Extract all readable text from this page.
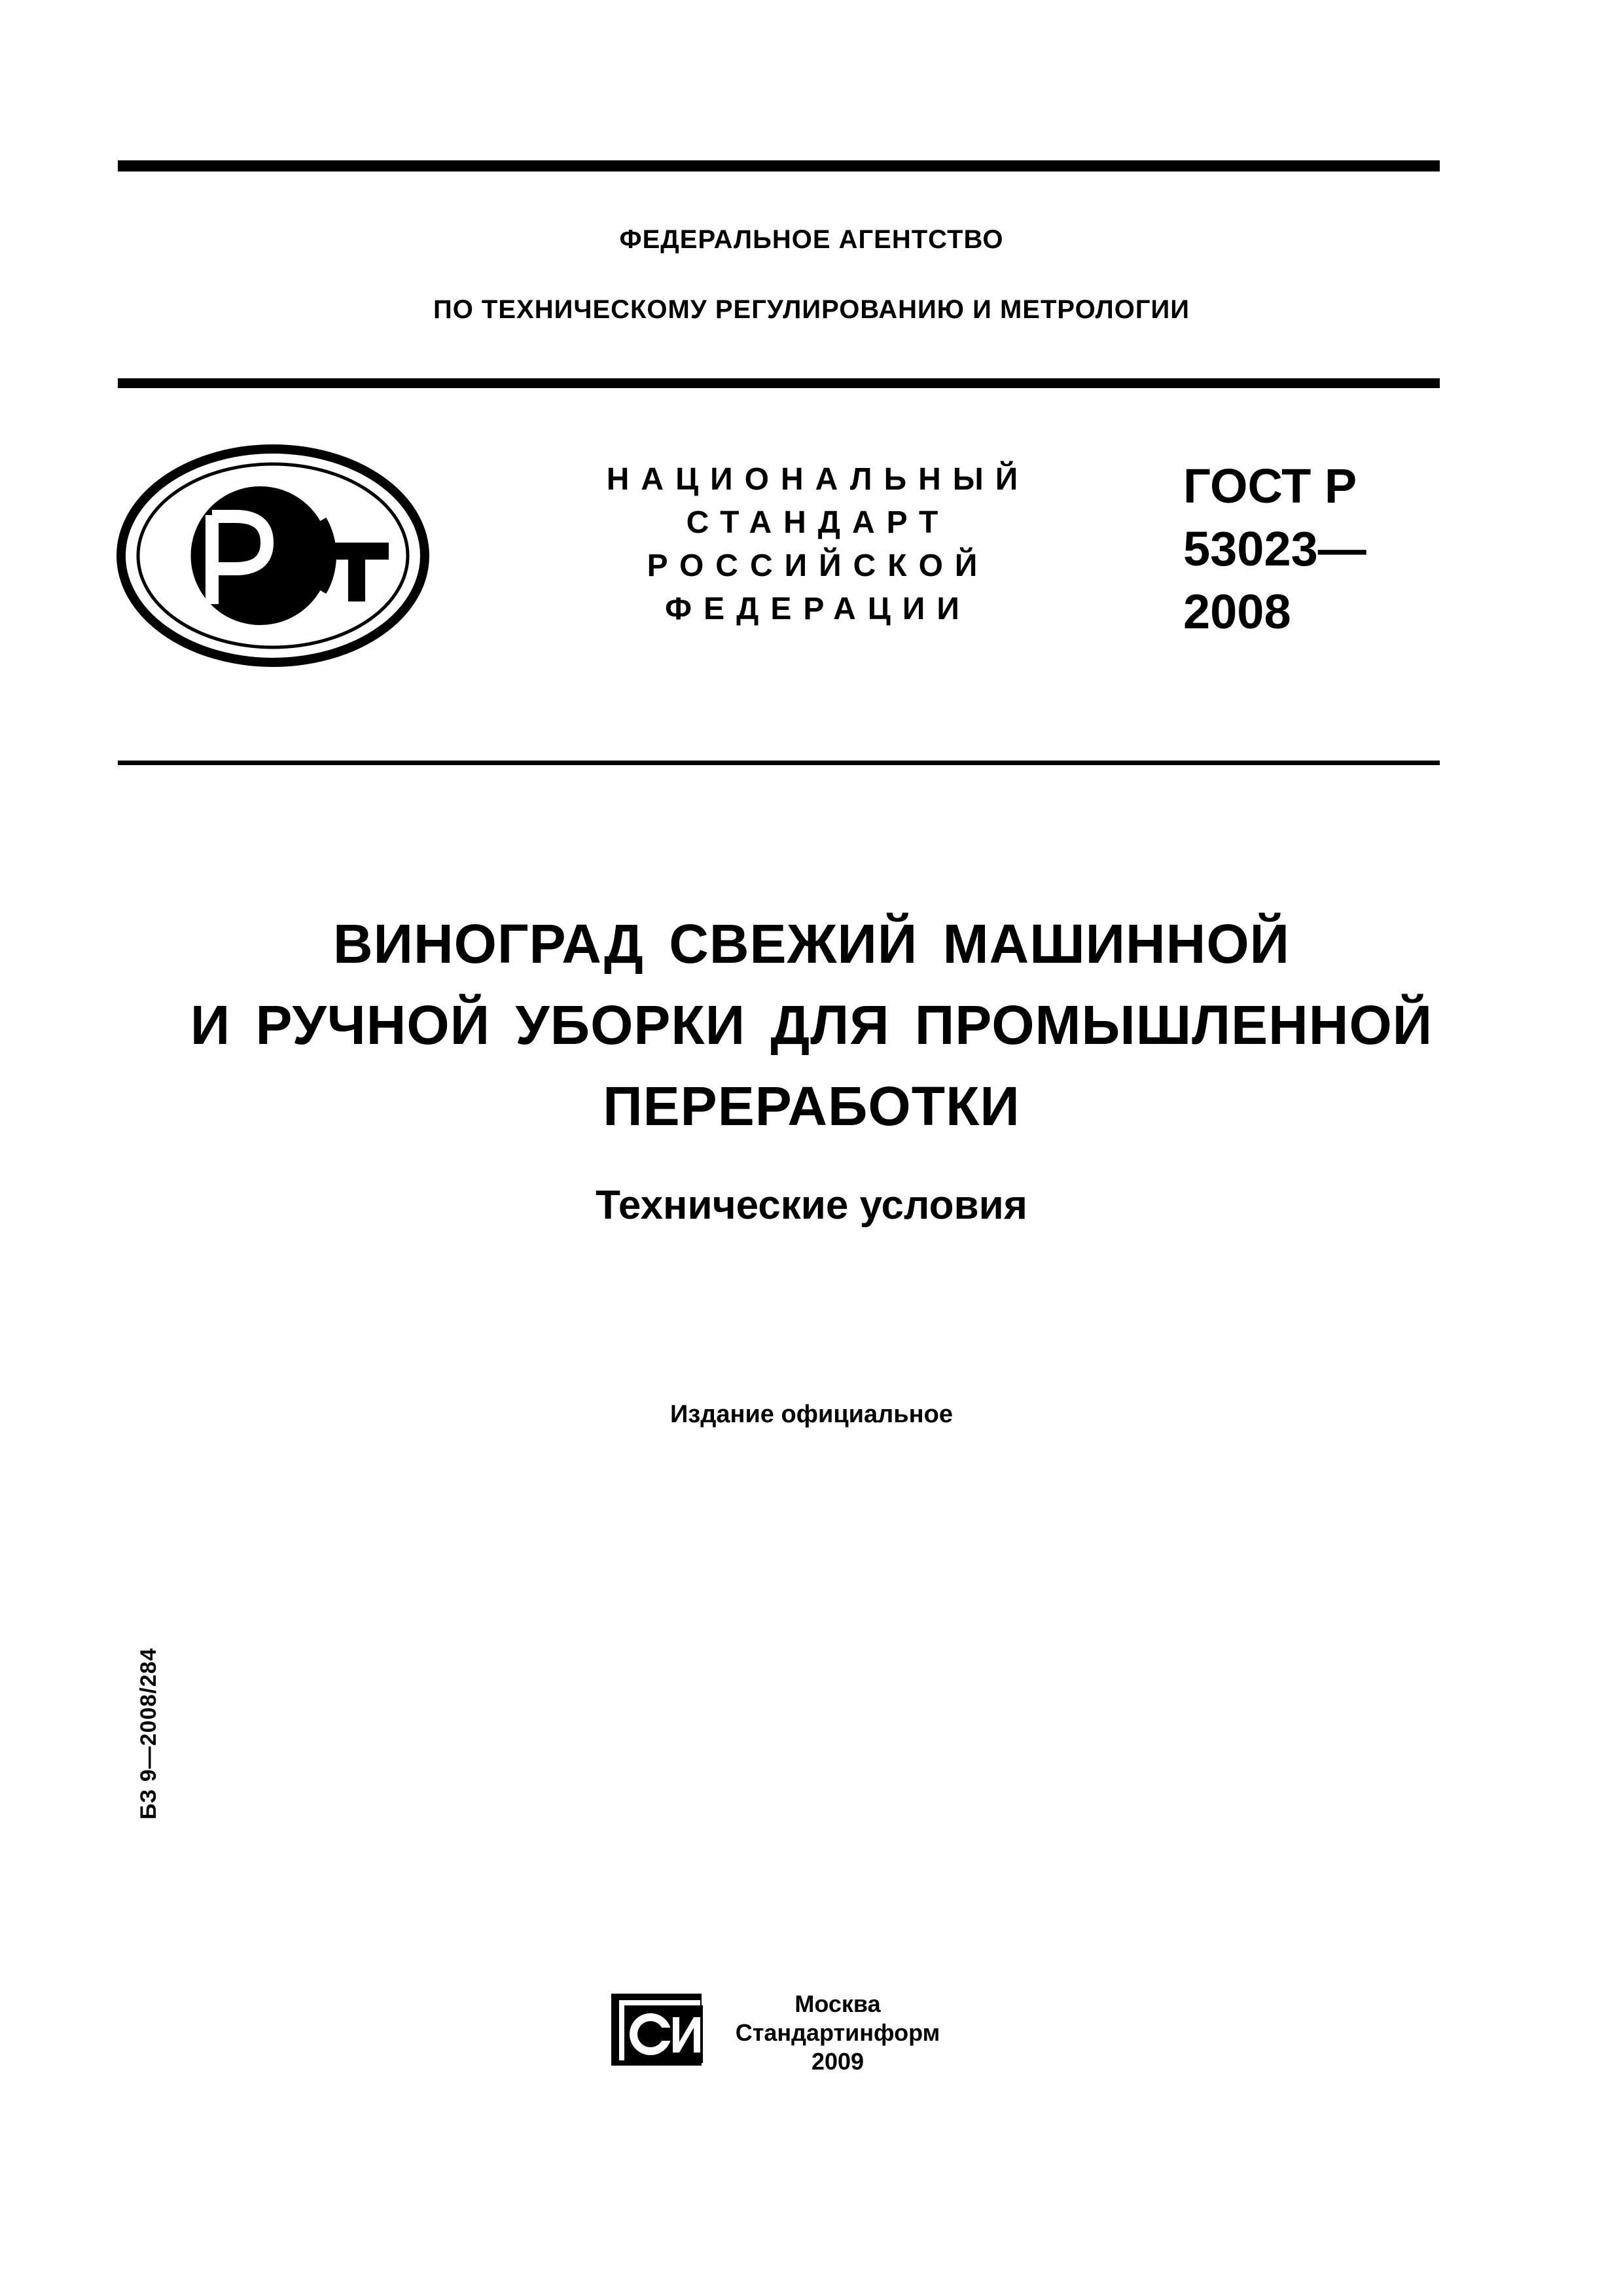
ФЕДЕРАЛЬНОЕ АГЕНТСТВО
ПО ТЕХНИЧЕСКОМУ РЕГУЛИРОВАНИЮ И МЕТРОЛОГИИ
НАЦИОНАЛЬНЫЙ
СТАНДАРТ
РОССИЙСКОЙ
ФЕДЕРАЦИИ
ГОСТ Р
53023—
2008
ВИНОГРАД СВЕЖИЙ МАШИННОЙ
И РУЧНОЙ УБОРКИ ДЛЯ ПРОМЫШЛЕННОЙ
ПЕРЕРАБОТКИ
Технические условия
Издание официальное
БЗ 9—2008/284
Москва
Стандартинформ
2009
